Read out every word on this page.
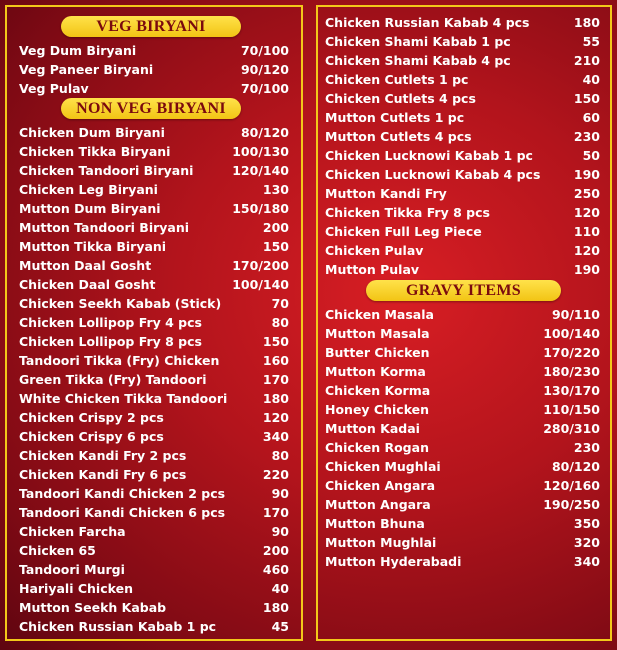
VEG BIRYANI
Veg Dum Biryani	70/100
Veg Paneer Biryani	90/120
Veg Pulav	70/100
NON VEG BIRYANI
Chicken Dum Biryani	80/120
Chicken Tikka Biryani	100/130
Chicken Tandoori Biryani	120/140
Chicken Leg Biryani	130
Mutton Dum Biryani	150/180
Mutton Tandoori Biryani	200
Mutton Tikka Biryani	150
Mutton Daal Gosht	170/200
Chicken Daal Gosht	100/140
Chicken Seekh Kabab (Stick)	70
Chicken Lollipop Fry 4 pcs	80
Chicken Lollipop Fry 8 pcs	150
Tandoori Tikka (Fry) Chicken	160
Green Tikka (Fry) Tandoori	170
White Chicken Tikka Tandoori	180
Chicken Crispy 2 pcs	120
Chicken Crispy 6 pcs	340
Chicken Kandi Fry 2 pcs	80
Chicken Kandi Fry 6 pcs	220
Tandoori Kandi Chicken 2 pcs	90
Tandoori Kandi Chicken 6 pcs	170
Chicken Farcha	90
Chicken 65	200
Tandoori Murgi	460
Hariyali Chicken	40
Mutton Seekh Kabab	180
Chicken Russian Kabab 1 pc	45
Chicken Russian Kabab 4 pcs	180
Chicken Shami Kabab 1 pc	55
Chicken Shami Kabab 4 pc	210
Chicken Cutlets 1 pc	40
Chicken Cutlets 4 pcs	150
Mutton Cutlets 1 pc	60
Mutton Cutlets 4 pcs	230
Chicken Lucknowi Kabab 1 pc	50
Chicken Lucknowi Kabab 4 pcs	190
Mutton Kandi Fry	250
Chicken Tikka Fry 8 pcs	120
Chicken Full Leg Piece	110
Chicken Pulav	120
Mutton Pulav	190
GRAVY ITEMS
Chicken Masala	90/110
Mutton Masala	100/140
Butter Chicken	170/220
Mutton Korma	180/230
Chicken Korma	130/170
Honey Chicken	110/150
Mutton Kadai	280/310
Chicken Rogan	230
Chicken Mughlai	80/120
Chicken Angara	120/160
Mutton Angara	190/250
Mutton Bhuna	350
Mutton Mughlai	320
Mutton Hyderabadi	340
